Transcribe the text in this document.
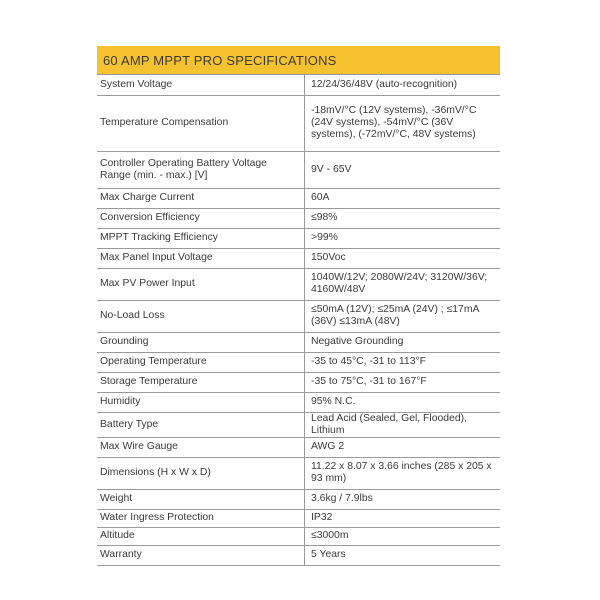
60 AMP MPPT PRO SPECIFICATIONS
System Voltage	12/24/36/48V (auto-recognition)
Temperature Compensation	-18mV/°C (12V systems), -36mV/°C (24V systems), -54mV/°C (36V systems), (-72mV/°C, 48V systems)
Controller Operating Battery Voltage Range (min. - max.) [V]	9V - 65V
Max Charge Current	60A
Conversion Efficiency	≤98%
MPPT Tracking Efficiency	>99%
Max Panel Input Voltage	150Voc
Max PV Power Input	1040W/12V; 2080W/24V; 3120W/36V; 4160W/48V
No-Load Loss	≤50mA (12V); ≤25mA (24V) ; ≤17mA (36V) ≤13mA (48V)
Grounding	Negative Grounding
Operating Temperature	-35 to 45°C, -31 to 113°F
Storage Temperature	-35 to 75°C, -31 to 167°F
Humidity	95% N.C.
Battery Type	Lead Acid (Sealed, Gel, Flooded), Lithium
Max Wire Gauge	AWG 2
Dimensions (H x W x D)	11.22 x 8.07 x 3.66 inches (285 x 205 x 93 mm)
Weight	3.6kg / 7.9lbs
Water Ingress Protection	IP32
Altitude	≤3000m
Warranty	5 Years
